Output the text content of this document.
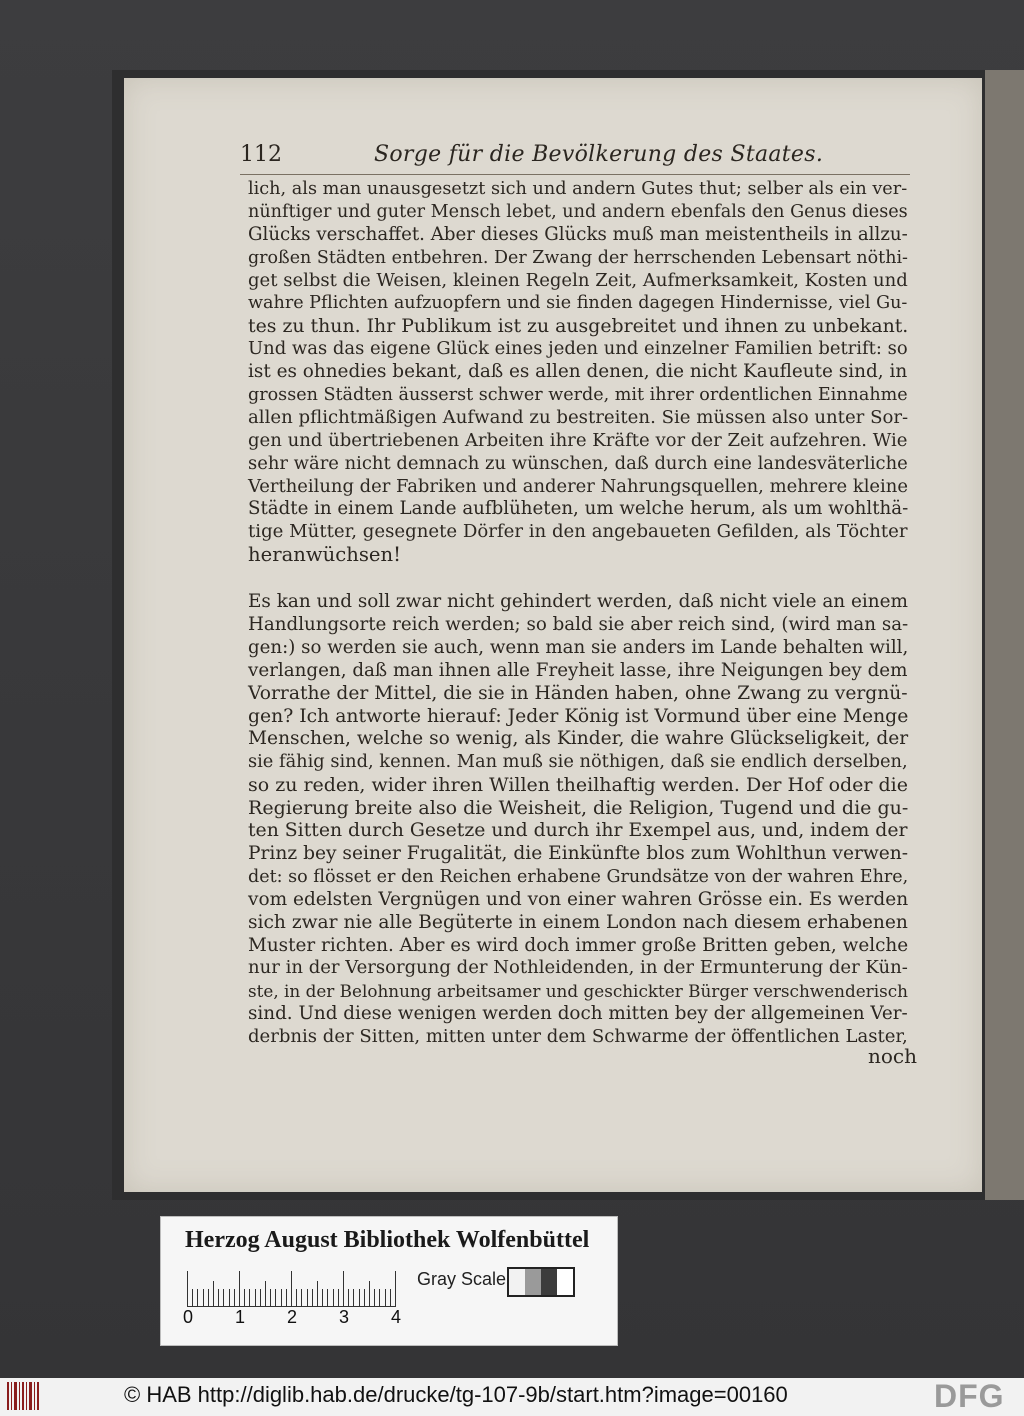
112	Sorge für die Bevölkerung des Staates.
lich, als man unausgesetzt sich und andern Gutes thut; selber als ein ver-
nünftiger und guter Mensch lebet, und andern ebenfals den Genus dieses
Glücks verschaffet. Aber dieses Glücks muß man meistentheils in allzu-
großen Städten entbehren. Der Zwang der herrschenden Lebensart nöthi-
get selbst die Weisen, kleinen Regeln Zeit, Aufmerksamkeit, Kosten und
wahre Pflichten aufzuopfern und sie finden dagegen Hindernisse, viel Gu-
tes zu thun. Ihr Publikum ist zu ausgebreitet und ihnen zu unbekant.
Und was das eigene Glück eines jeden und einzelner Familien betrift: so
ist es ohnedies bekant, daß es allen denen, die nicht Kaufleute sind, in
grossen Städten äusserst schwer werde, mit ihrer ordentlichen Einnahme
allen pflichtmäßigen Aufwand zu bestreiten. Sie müssen also unter Sor-
gen und übertriebenen Arbeiten ihre Kräfte vor der Zeit aufzehren. Wie
sehr wäre nicht demnach zu wünschen, daß durch eine landesväterliche
Vertheilung der Fabriken und anderer Nahrungsquellen, mehrere kleine
Städte in einem Lande aufblüheten, um welche herum, als um wohlthä-
tige Mütter, gesegnete Dörfer in den angebaueten Gefilden, als Töchter
heranwüchsen!
Es kan und soll zwar nicht gehindert werden, daß nicht viele an einem
Handlungsorte reich werden; so bald sie aber reich sind, (wird man sa-
gen:) so werden sie auch, wenn man sie anders im Lande behalten will,
verlangen, daß man ihnen alle Freyheit lasse, ihre Neigungen bey dem
Vorrathe der Mittel, die sie in Händen haben, ohne Zwang zu vergnü-
gen? Ich antworte hierauf: Jeder König ist Vormund über eine Menge
Menschen, welche so wenig, als Kinder, die wahre Glückseligkeit, der
sie fähig sind, kennen. Man muß sie nöthigen, daß sie endlich derselben,
so zu reden, wider ihren Willen theilhaftig werden. Der Hof oder die
Regierung breite also die Weisheit, die Religion, Tugend und die gu-
ten Sitten durch Gesetze und durch ihr Exempel aus, und, indem der
Prinz bey seiner Frugalität, die Einkünfte blos zum Wohlthun verwen-
det: so flösset er den Reichen erhabene Grundsätze von der wahren Ehre,
vom edelsten Vergnügen und von einer wahren Grösse ein. Es werden
sich zwar nie alle Begüterte in einem London nach diesem erhabenen
Muster richten. Aber es wird doch immer große Britten geben, welche
nur in der Versorgung der Nothleidenden, in der Ermunterung der Kün-
ste, in der Belohnung arbeitsamer und geschickter Bürger verschwenderisch
sind. Und diese wenigen werden doch mitten bey der allgemeinen Ver-
derbnis der Sitten, mitten unter dem Schwarme der öffentlichen Laster,
noch
Herzog August Bibliothek Wolfenbüttel
0 1 2 3 4
Gray Scale
© HAB http://diglib.hab.de/drucke/tg-107-9b/start.htm?image=00160	DFG
